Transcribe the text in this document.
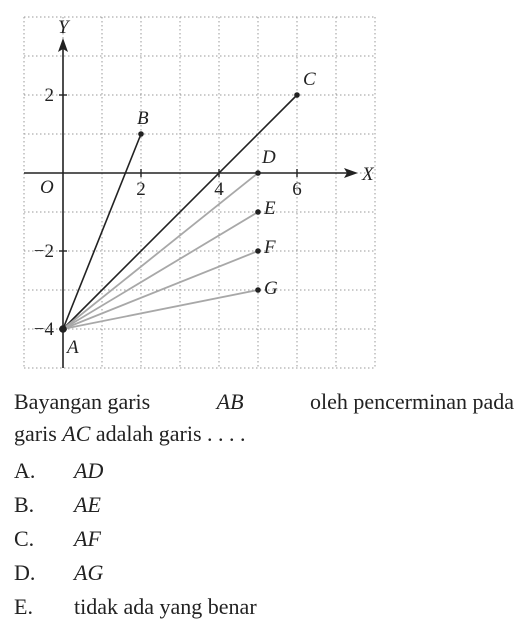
X
Y
O	2	4	6
2
−2
−4
A
B
C
D
E
F
G
Bayangan garis	AB	oleh pencerminan pada
garis AC adalah garis . . . .
A.	AD
B.	AE
C.	AF
D.	AG
E.	tidak ada yang benar
